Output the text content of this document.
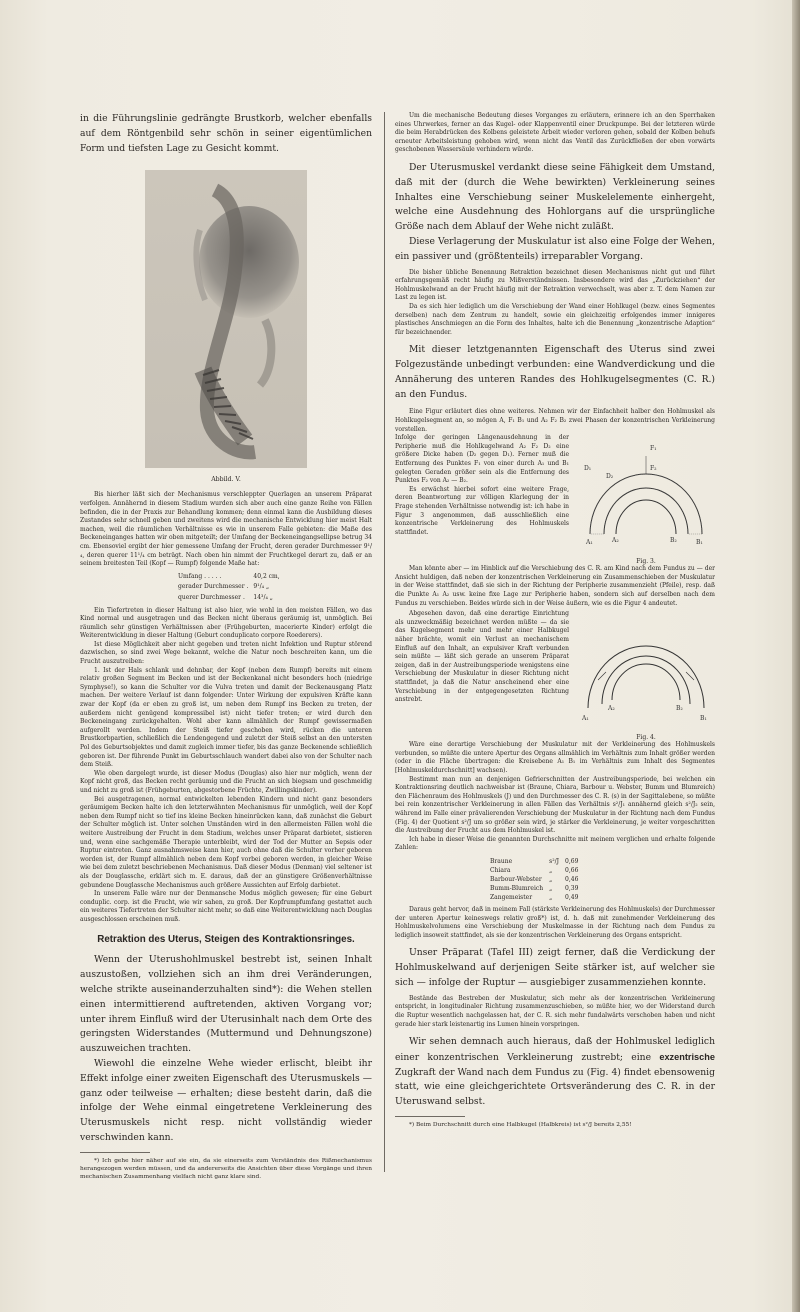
in die Führungslinie gedrängte Brustkorb, welcher ebenfalls auf dem Röntgenbild sehr schön in seiner eigentümlichen Form und tiefsten Lage zu Gesicht kommt.

Abbild. V.

Bis hierher läßt sich der Mechanismus verschleppter Querlagen an unserem Präparat verfolgen. Annähernd in diesem Stadium wurden sich aber auch eine ganze Reihe von Fällen befinden, die in der Praxis zur Behandlung kommen; denn einmal kann die Ausbildung dieses Zustandes sehr schnell geben und zweitens wird die mechanische Entwicklung hier meist Halt machen, weil die räumlichen Verhältnisse es wie in unserem Falle gebieten: die Maße des Beckeneinganges hatten wir oben mitgeteilt; der Umfang der Beckeneingangsellipse betrug 34 cm. Ebensoviel ergibt der hier gemessene Umfang der Frucht, deren gerader Durchmesser 9¹/₄, deren querer 11¹/₄ cm beträgt. Nach oben hin nimmt der Fruchtkegel derart zu, daß er an seinem breitesten Teil (Kopf — Rumpf) folgende Maße hat:

Umfang . . . . .	40,2 cm,
gerader Durchmesser .	9¹/₄ „
querer Durchmesser .	14³/₄ „

Ein Tiefertreten in dieser Haltung ist also hier, wie wohl in den meisten Fällen, wo das Kind normal und ausgetragen und das Becken nicht überaus geräumig ist, unmöglich. Bei räumlich sehr günstigen Verhältnissen aber (Frühgeburten, macerierte Kinder) erfolgt die Weiterentwicklung in dieser Haltung (Geburt conduplicato corpore Roederers).

Ist diese Möglichkeit aber nicht gegeben und treten nicht Infektion und Ruptur störend dazwischen, so sind zwei Wege bekannt, welche die Natur noch beschreiten kann, um die Frucht auszutreiben:

1. Ist der Hals schlank und dehnbar, der Kopf (neben dem Rumpf) bereits mit einem relativ großen Segment im Becken und ist der Beckenkanal nicht besonders hoch (niedrige Symphyse!), so kann die Schulter vor die Vulva treten und damit der Beckenausgang Platz machen. Der weitere Verlauf ist dann folgender: Unter Wirkung der expulsiven Kräfte kann zwar der Kopf (da er eben zu groß ist, um neben dem Rumpf ins Becken zu treten, der außerdem nicht genügend kompressibel ist) nicht tiefer treten; er wird durch den Beckeneingang zurückgehalten. Wohl aber kann allmählich der Rumpf gewissermaßen aufgerollt werden. Indem der Steiß tiefer geschoben wird, rücken die unteren Brustkorbpartien, schließlich die Lendengegend und zuletzt der Steiß selbst an den untersten Pol des Geburtsobjektes und damit zugleich immer tiefer, bis das ganze Beckenende schließlich geboren ist. Der führende Punkt im Geburtsschlauch wandert dabei also von der Schulter nach dem Steiß.

Wie oben dargelegt wurde, ist dieser Modus (Douglas) also hier nur möglich, wenn der Kopf nicht groß, das Becken recht geräumig und die Frucht an sich biegsam und geschmeidig und nicht zu groß ist (Frühgeburten, abgestorbene Früchte, Zwillingskinder).

Bei ausgetragenen, normal entwickelten lebenden Kindern und nicht ganz besonders geräumigem Becken halte ich den letzterwähnten Mechanismus für unmöglich, weil der Kopf neben dem Rumpf nicht so tief ins kleine Becken hineinrücken kann, daß zunächst die Geburt der Schulter möglich ist. Unter solchen Umständen wird in den allermeisten Fällen wohl die weitere Austreibung der Frucht in dem Stadium, welches unser Präparat darbietet, sistieren und, wenn eine sachgemäße Therapie unterbleibt, wird der Tod der Mutter an Sepsis oder Ruptur eintreten. Ganz ausnahmsweise kann hier, auch ohne daß die Schulter vorher geboren worden ist, der Rumpf allmählich neben dem Kopf vorbei geboren werden, in gleicher Weise wie bei dem zuletzt beschriebenen Mechanismus. Daß dieser Modus (Denman) viel seltener ist als der Douglassche, erklärt sich m. E. daraus, daß der an günstigere Größenverhältnisse gebundene Douglassche Mechanismus auch größere Aussichten auf Erfolg darbietet.

In unserem Falle wäre nur der Denmansche Modus möglich gewesen; für eine Geburt conduplic. corp. ist die Frucht, wie wir sahen, zu groß. Der Kopfrumpfumfang gestattet auch ein weiteres Tiefertreten der Schulter nicht mehr, so daß eine Weiterentwicklung nach Douglas ausgeschlossen erscheinen muß.

Retraktion des Uterus, Steigen des Kontraktionsringes.

Wenn der Uterushohlmuskel bestrebt ist, seinen Inhalt auszustoßen, vollziehen sich an ihm drei Veränderungen, welche strikte auseinanderzuhalten sind*): die Wehen stellen einen intermittierend auftretenden, aktiven Vorgang vor; unter ihrem Einfluß wird der Uterusinhalt nach dem Orte des geringsten Widerstandes (Muttermund und Dehnungszone) auszuweichen trachten.

Wiewohl die einzelne Wehe wieder erlischt, bleibt ihr Effekt infolge einer zweiten Eigenschaft des Uterusmuskels — ganz oder teilweise — erhalten; diese besteht darin, daß die infolge der Wehe einmal eingetretene Verkleinerung des Uterusmuskels nicht resp. nicht vollständig wieder verschwinden kann.

*) Ich gehe hier näher auf sie ein, da sie einerseits zum Verständnis des Rißmechanismus herangezogen werden müssen, und da andererseits die Ansichten über diese Vorgänge und ihren mechanischen Zusammenhang vielfach nicht ganz klare sind.

Um die mechanische Bedeutung dieses Vorganges zu erläutern, erinnere ich an den Sperrhaken eines Uhrwerkes, ferner an das Kugel- oder Klappenventil einer Druckpumpe. Bei der letzteren würde die beim Herabdrücken des Kolbens geleistete Arbeit wieder verloren gehen, sobald der Kolben behufs erneuter Arbeitsleistung gehoben wird, wenn nicht das Ventil das Zurückfließen der eben vorwärts geschobenen Wassersäule verhindern würde.

Der Uterusmuskel verdankt diese seine Fähigkeit dem Umstand, daß mit der (durch die Wehe bewirkten) Verkleinerung seines Inhaltes eine Verschiebung seiner Muskelelemente einhergeht, welche eine Ausdehnung des Hohlorgans auf die ursprüngliche Größe nach dem Ablauf der Wehe nicht zuläßt.

Diese Verlagerung der Muskulatur ist also eine Folge der Wehen, ein passiver und (größtenteils) irreparabler Vorgang.

Die bisher übliche Benennung Retraktion bezeichnet diesen Mechanismus nicht gut und führt erfahrungsgemäß recht häufig zu Mißverständnissen. Insbesondere wird das „Zurückziehen“ der Hohlmuskelwand an der Frucht häufig mit der Retraktion verwechselt, was aber z. T. dem Namen zur Last zu legen ist.

Da es sich hier lediglich um die Verschiebung der Wand einer Hohlkugel (bezw. eines Segmentes derselben) nach dem Zentrum zu handelt, sowie ein gleichzeitig erfolgendes immer innigeres plastisches Anschmiegen an die Form des Inhaltes, halte ich die Benennung „konzentrische Adaption“ für bezeichnender.

Mit dieser letztgenannten Eigenschaft des Uterus sind zwei Folgezustände unbedingt verbunden: eine Wandverdickung und die Annäherung des unteren Randes des Hohlkugelsegmentes (C. R.) an den Fundus.

Eine Figur erläutert dies ohne weiteres. Nehmen wir der Einfachheit halber den Hohlmuskel als Hohlkugelsegment an, so mögen A, F₁ B₁ und A₂ F₂ B₂ zwei Phasen der konzentrischen Verkleinerung vorstellen.

Infolge der geringen Längenausdehnung in der Peripherie muß die Hohlkugelwand A₂ F₂ D₂ eine größere Dicke haben (D₂ gegen D₁). Ferner muß die Entfernung des Punktes F₁ von einer durch A₁ und B₁ gelegten Geraden größer sein als die Entfernung des Punktes F₂ von A₂ — B₂.

Es erwächst hierbei sofort eine weitere Frage, deren Beantwortung zur völligen Klarlegung der in Frage stehenden Verhältnisse notwendig ist: ich habe in Figur 3 angenommen, daß ausschließlich eine konzentrische Verkleinerung des Hohlmuskels stattfindet.

F₁
F₂
A₁	A₂	B₁
B₂
D₁
D₂
Fig. 3.

Man könnte aber — im Hinblick auf die Verschiebung des C. R. am Kind nach dem Fundus zu — der Ansicht huldigen, daß neben der konzentrischen Verkleinerung ein Zusammenschieben der Muskulatur in der Weise stattfindet, daß sie sich in der Richtung der Peripherie zusammenzieht (Pfeile), resp. daß die Punkte A₁ A₂ usw. keine fixe Lage zur Peripherie haben, sondern sich auf derselben nach dem Fundus zu verschieben. Beides würde sich in der Weise äußern, wie es die Figur 4 andeutet.

Abgesehen davon, daß eine derartige Einrichtung als unzweckmäßig bezeichnet werden müßte — da sie das Kugelsegment mehr und mehr einer Halbkugel näher brächte, womit ein Verlust an mechanischem Einfluß auf den Inhalt, an expulsiver Kraft verbunden sein müßte — läßt sich gerade an unserem Präparat zeigen, daß in der Austreibungsperiode wenigstens eine Verschiebung der Muskulatur in dieser Richtung nicht stattfindet, ja daß die Natur anscheinend eher eine Verschiebung in der entgegengesetzten Richtung anstrebt.

A₁
A₂
B₁
B₂
Fig. 4.

Wäre eine derartige Verschiebung der Muskulatur mit der Verkleinerung des Hohlmuskels verbunden, so müßte die untere Apertur des Organs allmählich im Verhältnis zum Inhalt größer werden (oder in die Fläche übertragen: die Kreisebene A₁ B₁ im Verhältnis zum Inhalt des Segmentes [Hohlmuskeldurchschnitt] wachsen).

Bestimmt man nun an denjenigen Gefrierschnitten der Austreibungsperiode, bei welchen ein Kontraktionsring deutlich nachweisbar ist (Braune, Chiara, Barbour u. Webster, Bumm und Blumreich) den Flächenraum des Hohlmuskels (J) und den Durchmesser des C. R. (s) in der Sagittalebene, so müßte bei rein konzentrischer Verkleinerung in allen Fällen das Verhältnis s²/J₁ annähernd gleich s²/J₂ sein, während im Falle einer prävalierenden Verschiebung der Muskulatur in der Richtung nach dem Fundus (Fig. 4) der Quotient s²/J um so größer sein wird, je stärker die Verkleinerung, je weiter vorgeschritten die Austreibung der Frucht aus dem Hohlmuskel ist.

Ich habe in dieser Weise die genannten Durchschnitte mit meinem verglichen und erhalte folgende Zahlen:

Braune	s²/J	0,69
Chiara	„	0,66
Barbour-Webster	„	0,46
Bumm-Blumreich	„	0,39
Zangemeister	„	0,49

Daraus geht hervor, daß in meinem Fall (stärkste Verkleinerung des Hohlmuskels) der Durchmesser der unteren Apertur keineswegs relativ groß*) ist, d. h. daß mit zunehmender Verkleinerung des Hohlmuskelvolumens eine Verschiebung der Muskelmasse in der Richtung nach dem Fundus zu lediglich insoweit stattfindet, als sie der konzentrischen Verkleinerung des Organs entspricht.

Unser Präparat (Tafel III) zeigt ferner, daß die Verdickung der Hohlmuskelwand auf derjenigen Seite stärker ist, auf welcher sie sich — infolge der Ruptur — ausgiebiger zusammenziehen konnte.

Bestände das Bestreben der Muskulatur, sich mehr als der konzentrischen Verkleinerung entspricht, in longitudinaler Richtung zusammenzuschieben, so müßte hier, wo der Widerstand durch die Ruptur wesentlich nachgelassen hat, der C. R. sich mehr fundalwärts verschoben haben und nicht gerade hier stark leistenartig ins Lumen hinein vorspringen.

Wir sehen demnach auch hieraus, daß der Hohlmuskel lediglich einer konzentrischen Verkleinerung zustrebt; eine exzentrische Zugkraft der Wand nach dem Fundus zu (Fig. 4) findet ebensowenig statt, wie eine gleichgerichtete Ortsveränderung des C. R. in der Uteruswand selbst.

*) Beim Durchschnitt durch eine Halbkugel (Halbkreis) ist s²/J bereits 2,55!
